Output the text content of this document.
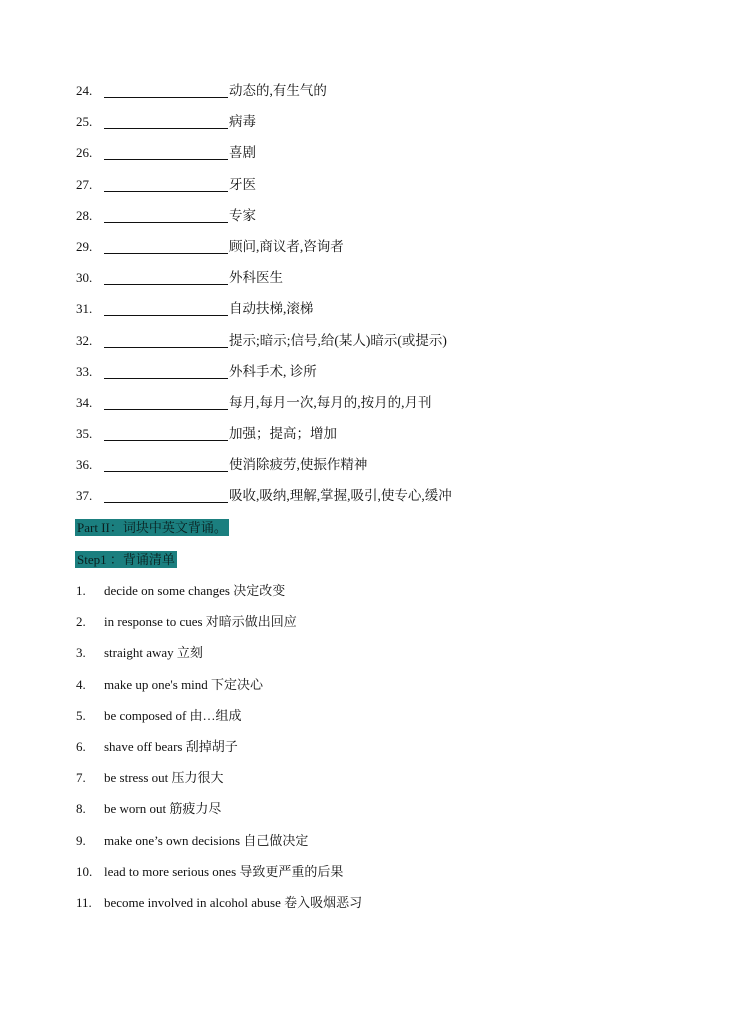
24.	动态的,有生气的
25.	病毒
26.	喜剧
27.	牙医
28.	专家
29.	顾问,商议者,咨询者
30.	外科医生
31.	自动扶梯,滚梯
32.	提示;暗示;信号,给(某人)暗示(或提示)
33.	外科手术, 诊所
34.	每月,每月一次,每月的,按月的,月刊
35.	加强；提高；增加
36.	使消除疲劳,使振作精神
37.	吸收,吸纳,理解,掌握,吸引,使专心,缓冲
Part II：词块中英文背诵。
Step1 ：背诵清单
1.	decide on some changes 决定改变
2.	in response to cues 对暗示做出回应
3.	straight away 立刻
4.	make up one's mind 下定决心
5.	be composed of 由…组成
6.	shave off bears 刮掉胡子
7.	be stress out 压力很大
8.	be worn out 筋疲力尽
9.	make one’s own decisions 自己做决定
10. lead to more serious ones 导致更严重的后果
11. become involved in alcohol abuse 卷入吸烟恶习
